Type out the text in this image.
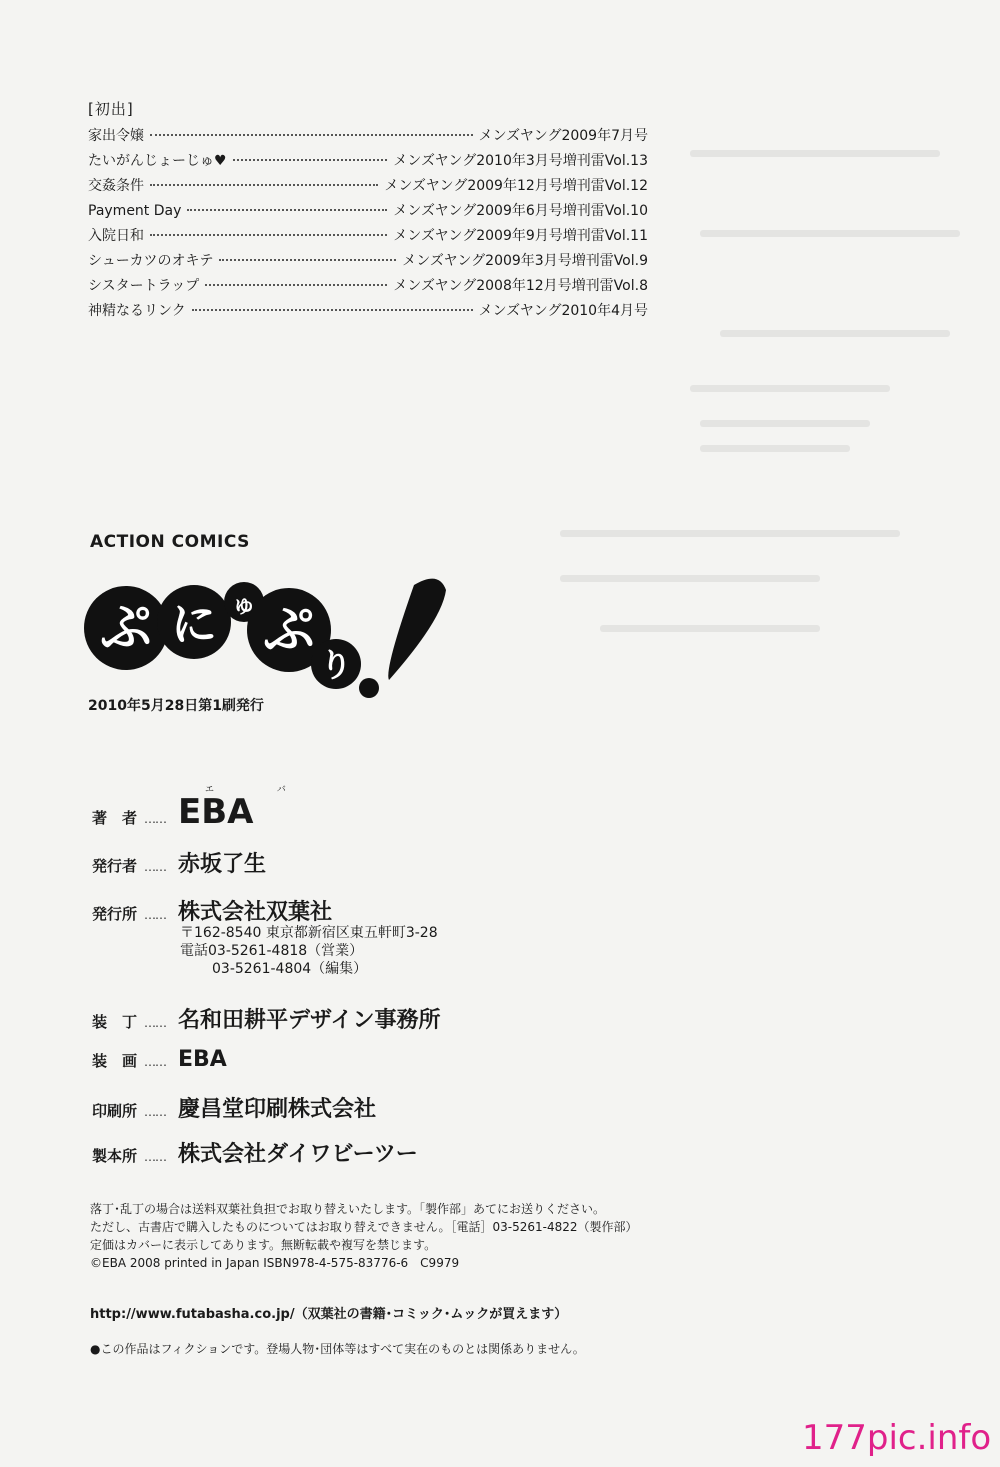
[初出]
家出令嬢	メンズヤング2009年7月号
たいがんじょーじゅ♥	メンズヤング2010年3月号増刊雷Vol.13
交姦条件	メンズヤング2009年12月号増刊雷Vol.12
Payment Day	メンズヤング2009年6月号増刊雷Vol.10
入院日和	メンズヤング2009年9月号増刊雷Vol.11
シューカツのオキテ	メンズヤング2009年3月号増刊雷Vol.9
シスタートラップ	メンズヤング2008年12月号増刊雷Vol.8
神精なるリンク	メンズヤング2010年4月号
ACTION COMICS
ぷ に ゅ ぷ
り
2010年5月28日第1刷発行
エ バ
著　者 …… EBA
発行者 …… 赤坂了生
発行所 …… 株式会社双葉社
〒162-8540 東京都新宿区東五軒町3-28
電話03-5261-4818（営業）
03-5261-4804（編集）
装　丁 …… 名和田耕平デザイン事務所
装　画 …… EBA
印刷所 …… 慶昌堂印刷株式会社
製本所 …… 株式会社ダイワビーツー
落丁･乱丁の場合は送料双葉社負担でお取り替えいたします。「製作部」あてにお送りください。
ただし、古書店で購入したものについてはお取り替えできません。［電話］03-5261-4822（製作部）
定価はカバーに表示してあります。無断転載や複写を禁じます。
©EBA 2008 printed in Japan ISBN978-4-575-83776-6　C9979
http://www.futabasha.co.jp/（双葉社の書籍･コミック･ムックが買えます）
●この作品はフィクションです。登場人物･団体等はすべて実在のものとは関係ありません。
177pic.info
